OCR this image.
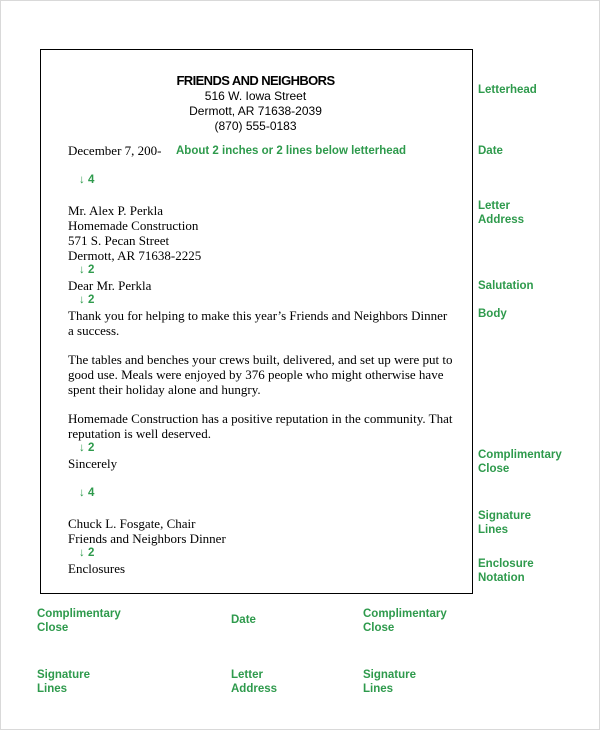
FRIENDS AND NEIGHBORS
516 W. Iowa Street
Dermott, AR 71638-2039
(870) 555-0183
December 7, 200- About 2 inches or 2 lines below letterhead
↓ 4
Mr. Alex P. Perkla
Homemade Construction
571 S. Pecan Street
Dermott, AR 71638-2225
↓ 2
Dear Mr. Perkla
↓ 2
Thank you for helping to make this year’s Friends and Neighbors Dinner
a success.
The tables and benches your crews built, delivered, and set up were put to
good use. Meals were enjoyed by 376 people who might otherwise have
spent their holiday alone and hungry.
Homemade Construction has a positive reputation in the community. That
reputation is well deserved.
↓ 2
Sincerely
↓ 4
Chuck L. Fosgate, Chair
Friends and Neighbors Dinner
↓ 2
Enclosures
Letterhead
Date
Letter
Address
Salutation
Body
Complimentary
Close
Signature
Lines
Enclosure
Notation
Complimentary
Close
Date	Complimentary
Close
Signature
Lines
Letter
Address
Signature
Lines
